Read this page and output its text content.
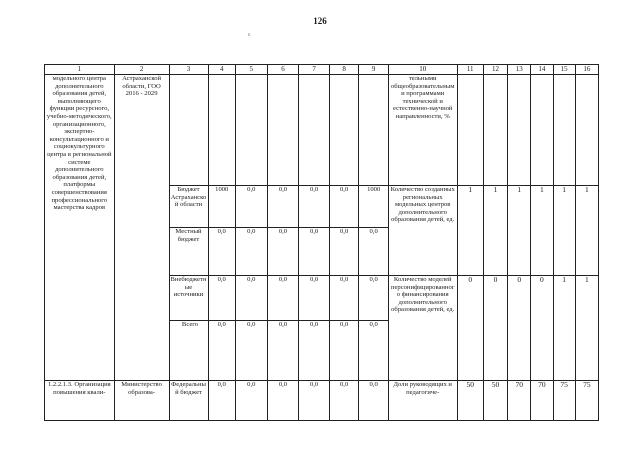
126
ε
1	2	3	4	5	6	7	8	9	10	11	12	13	14	15	16
модельного центра дополнительного образования детей, выполняющего функции ресурсного, учебно-методического, организационного, экспертно-консультационного и социокультурного центра в региональной системе дополнительного образования детей, платформы совершенствования профессионального мастерства кадров	Астраханской области, ГОО 2016 - 2029								тельными общеобразовательными программами технической и естественно-научной направленности, %						
		Бюджет Астраханской области	1000	0,0	0,0	0,0	0,0	1000	Количество созданных региональных модельных центров дополнительного образования детей, ед.	1	1	1	1	1	1
		Местный бюджет	0,0	0,0	0,0	0,0	0,0	0,0							
		Внебюджетные источники	0,0	0,0	0,0	0,0	0,0	0,0	Количество моделей персонифицированного финансирования дополнительного образования детей, ед.	0	0	0	0	1	1
		Всего	0,0	0,0	0,0	0,0	0,0	0,0							
1.2.2.1.3. Организация повышения квали-	Министерство образова-	Федеральный бюджет	0,0	0,0	0,0	0,0	0,0	0,0	Доли руководящих и педагогиче-	50	50	70	70	75	75
